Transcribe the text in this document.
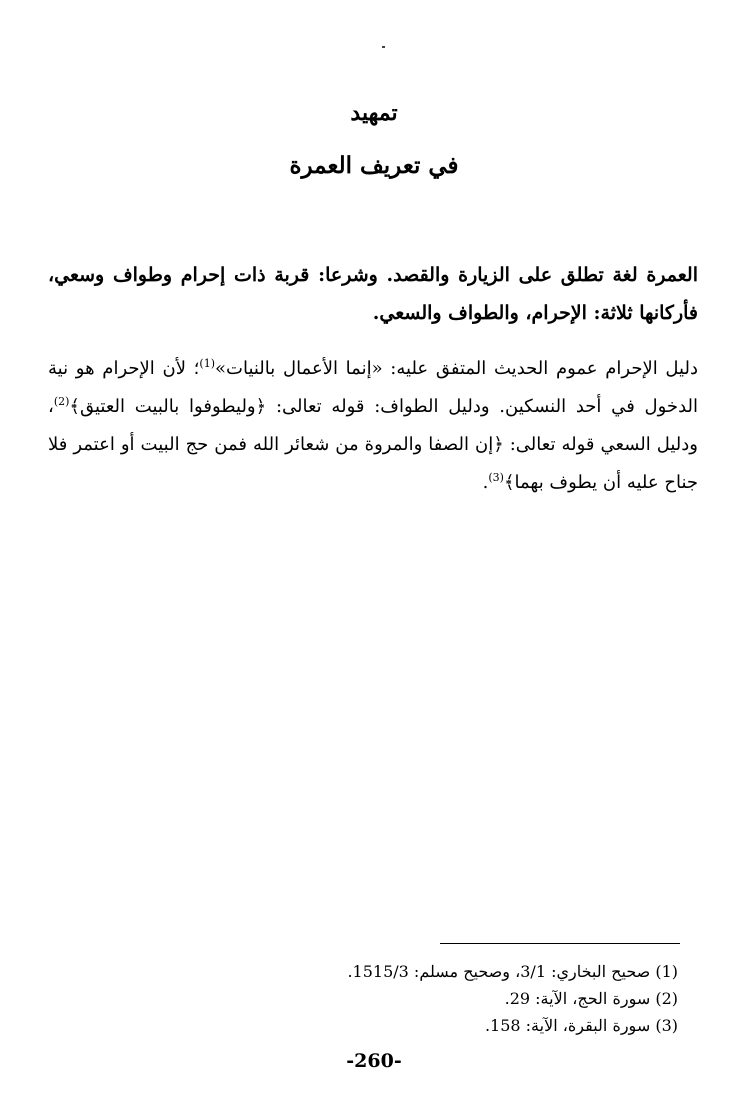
تمهيد
في تعريف العمرة

العمرة لغة تطلق على الزيارة والقصد. وشرعا: قربة ذات إحرام وطواف وسعي، فأركانها ثلاثة: الإحرام، والطواف والسعي.

دليل الإحرام عموم الحديث المتفق عليه: «إنما الأعمال بالنيات»$^{(1)}$؛ لأن الإحرام هو نية الدخول في أحد النسكين. ودليل الطواف: قوله تعالى: ﴿وليطوفوا بالبيت العتيق﴾$^{(2)}$، ودليل السعي قوله تعالى: ﴿إن الصفا والمروة من شعائر الله فمن حج البيت أو اعتمر فلا جناح عليه أن يطوف بهما﴾$^{(3)}$.

(1) صحيح البخاري: 3/1، وصحيح مسلم: 1515/3.
(2) سورة الحج، الآية: 29.
(3) سورة البقرة، الآية: 158.
-260-
